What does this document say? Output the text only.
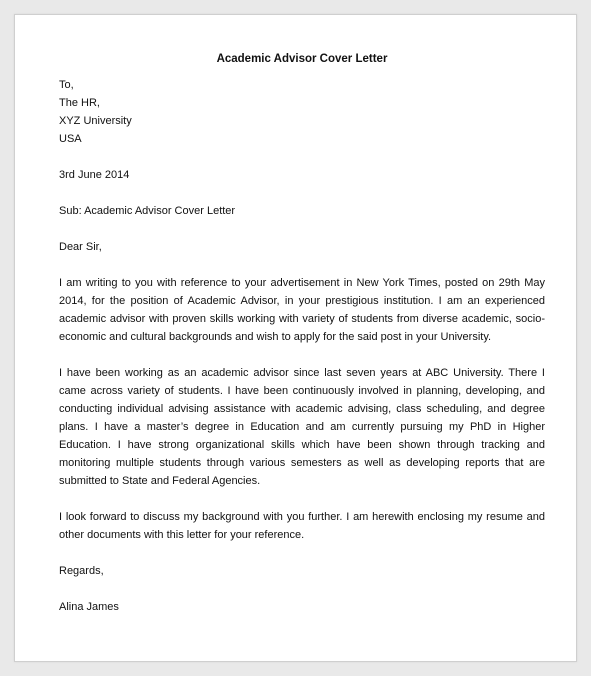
Academic Advisor Cover Letter
To,
The HR,
XYZ University
USA
3rd June 2014
Sub: Academic Advisor Cover Letter
Dear Sir,

I am writing to you with reference to your advertisement in New York Times, posted on 29th May 2014, for the position of Academic Advisor, in your prestigious institution. I am an experienced academic advisor with proven skills working with variety of students from diverse academic, socio-economic and cultural backgrounds and wish to apply for the said post in your University.

I have been working as an academic advisor since last seven years at ABC University. There I came across variety of students. I have been continuously involved in planning, developing, and conducting individual advising assistance with academic advising, class scheduling, and degree plans. I have a master’s degree in Education and am currently pursuing my PhD in Higher Education. I have strong organizational skills which have been shown through tracking and monitoring multiple students through various semesters as well as developing reports that are submitted to State and Federal Agencies.

I look forward to discuss my background with you further. I am herewith enclosing my resume and other documents with this letter for your reference.

Regards,
Alina James
